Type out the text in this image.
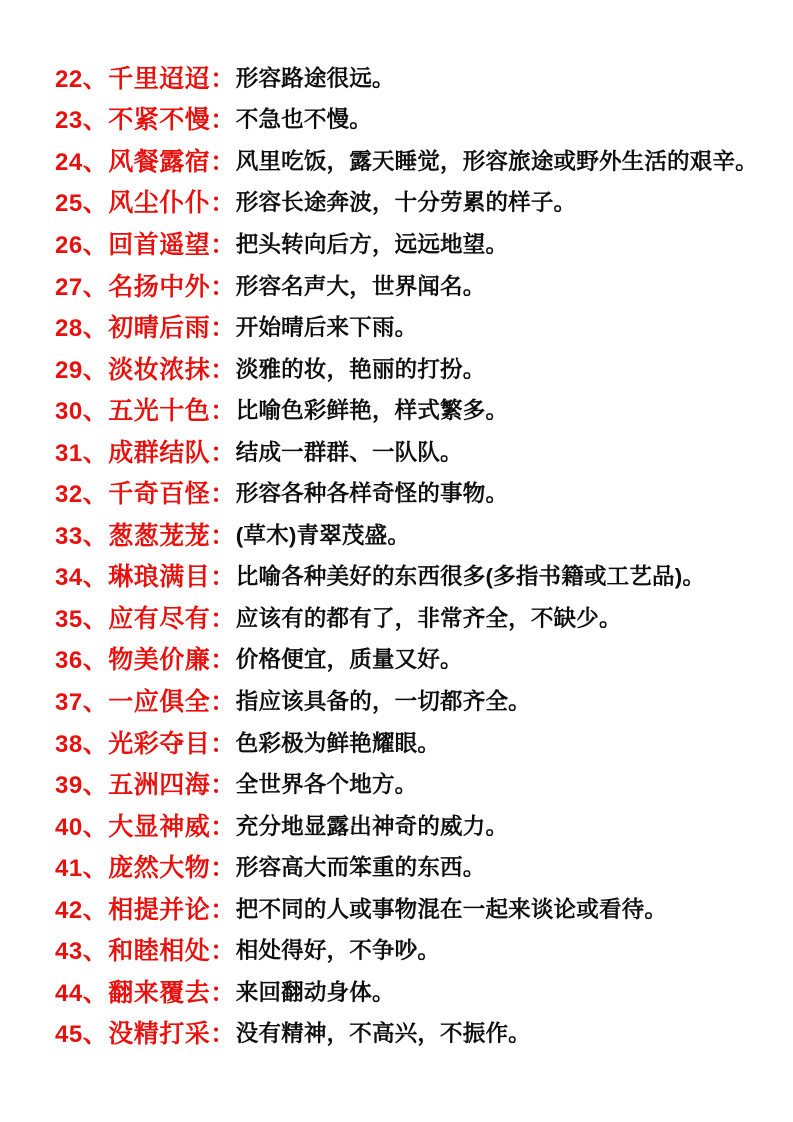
22 、 千里迢迢 ： 形容路途很远。
23 、 不紧不慢 ： 不急也不慢。
24 、 风餐露宿 ： 风里吃饭，露天睡觉，形容旅途或野外生活的艰辛。
25 、 风尘仆仆 ： 形容长途奔波，十分劳累的样子。
26 、 回首遥望 ： 把头转向后方，远远地望。
27 、 名扬中外 ： 形容名声大，世界闻名。
28 、 初晴后雨 ： 开始晴后来下雨。
29 、 淡妆浓抹 ： 淡雅的妆，艳丽的打扮。
30 、 五光十色 ： 比喻色彩鲜艳，样式繁多。
31 、 成群结队 ： 结成一群群、一队队。
32 、 千奇百怪 ： 形容各种各样奇怪的事物。
33 、 葱葱茏茏 ： (草木)青翠茂盛。
34 、 琳琅满目 ： 比喻各种美好的东西很多(多指书籍或工艺品)。
35 、 应有尽有 ： 应该有的都有了，非常齐全，不缺少。
36 、 物美价廉 ： 价格便宜，质量又好。
37 、 一应俱全 ： 指应该具备的，一切都齐全。
38 、 光彩夺目 ： 色彩极为鲜艳耀眼。
39 、 五洲四海 ： 全世界各个地方。
40 、 大显神威 ： 充分地显露出神奇的威力。
41 、 庞然大物 ： 形容高大而笨重的东西。
42 、 相提并论 ： 把不同的人或事物混在一起来谈论或看待。
43 、 和睦相处 ： 相处得好，不争吵。
44 、 翻来覆去 ： 来回翻动身体。
45 、 没精打采 ： 没有精神，不高兴，不振作。
